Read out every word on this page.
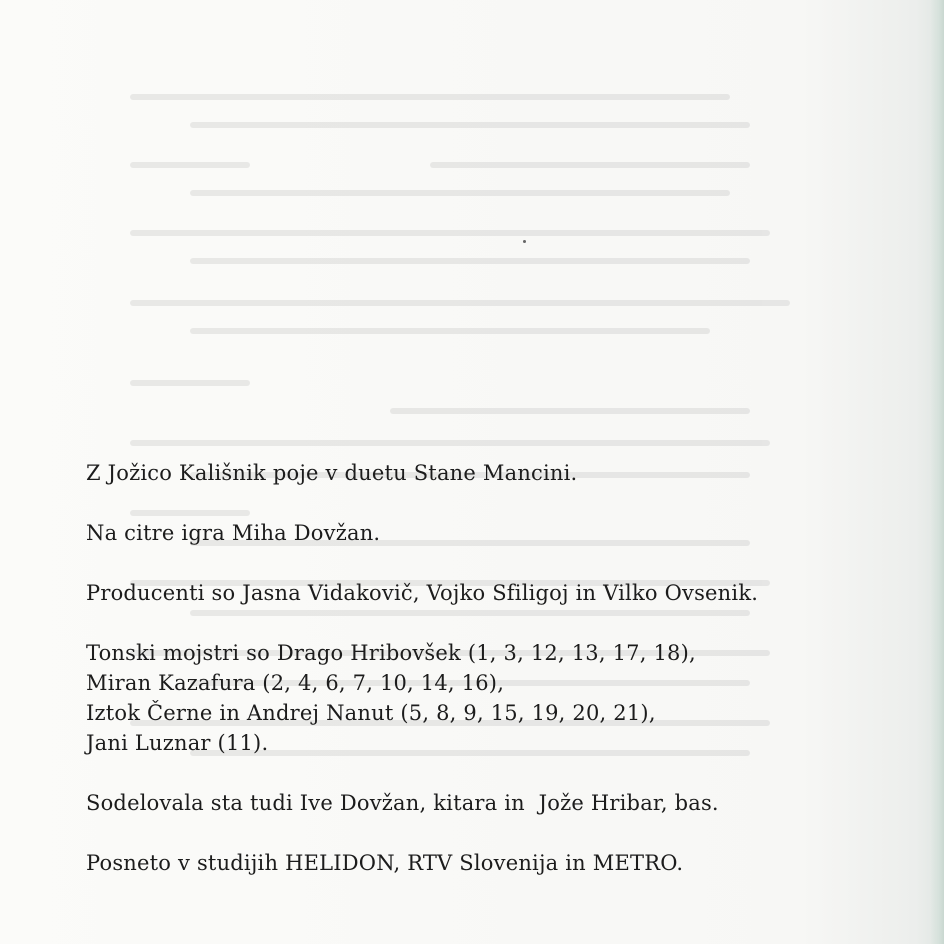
Z Jožico Kališnik poje v duetu Stane Mancini.

Na citre igra Miha Dovžan.

Producenti so Jasna Vidakovič, Vojko Sfiligoj in Vilko Ovsenik.

Tonski mojstri so Drago Hribovšek (1, 3, 12, 13, 17, 18),
Miran Kazafura (2, 4, 6, 7, 10, 14, 16),
Iztok Černe in Andrej Nanut (5, 8, 9, 15, 19, 20, 21),
Jani Luznar (11).

Sodelovala sta tudi Ive Dovžan, kitara in  Jože Hribar, bas.

Posneto v studijih HELIDON, RTV Slovenija in METRO.
